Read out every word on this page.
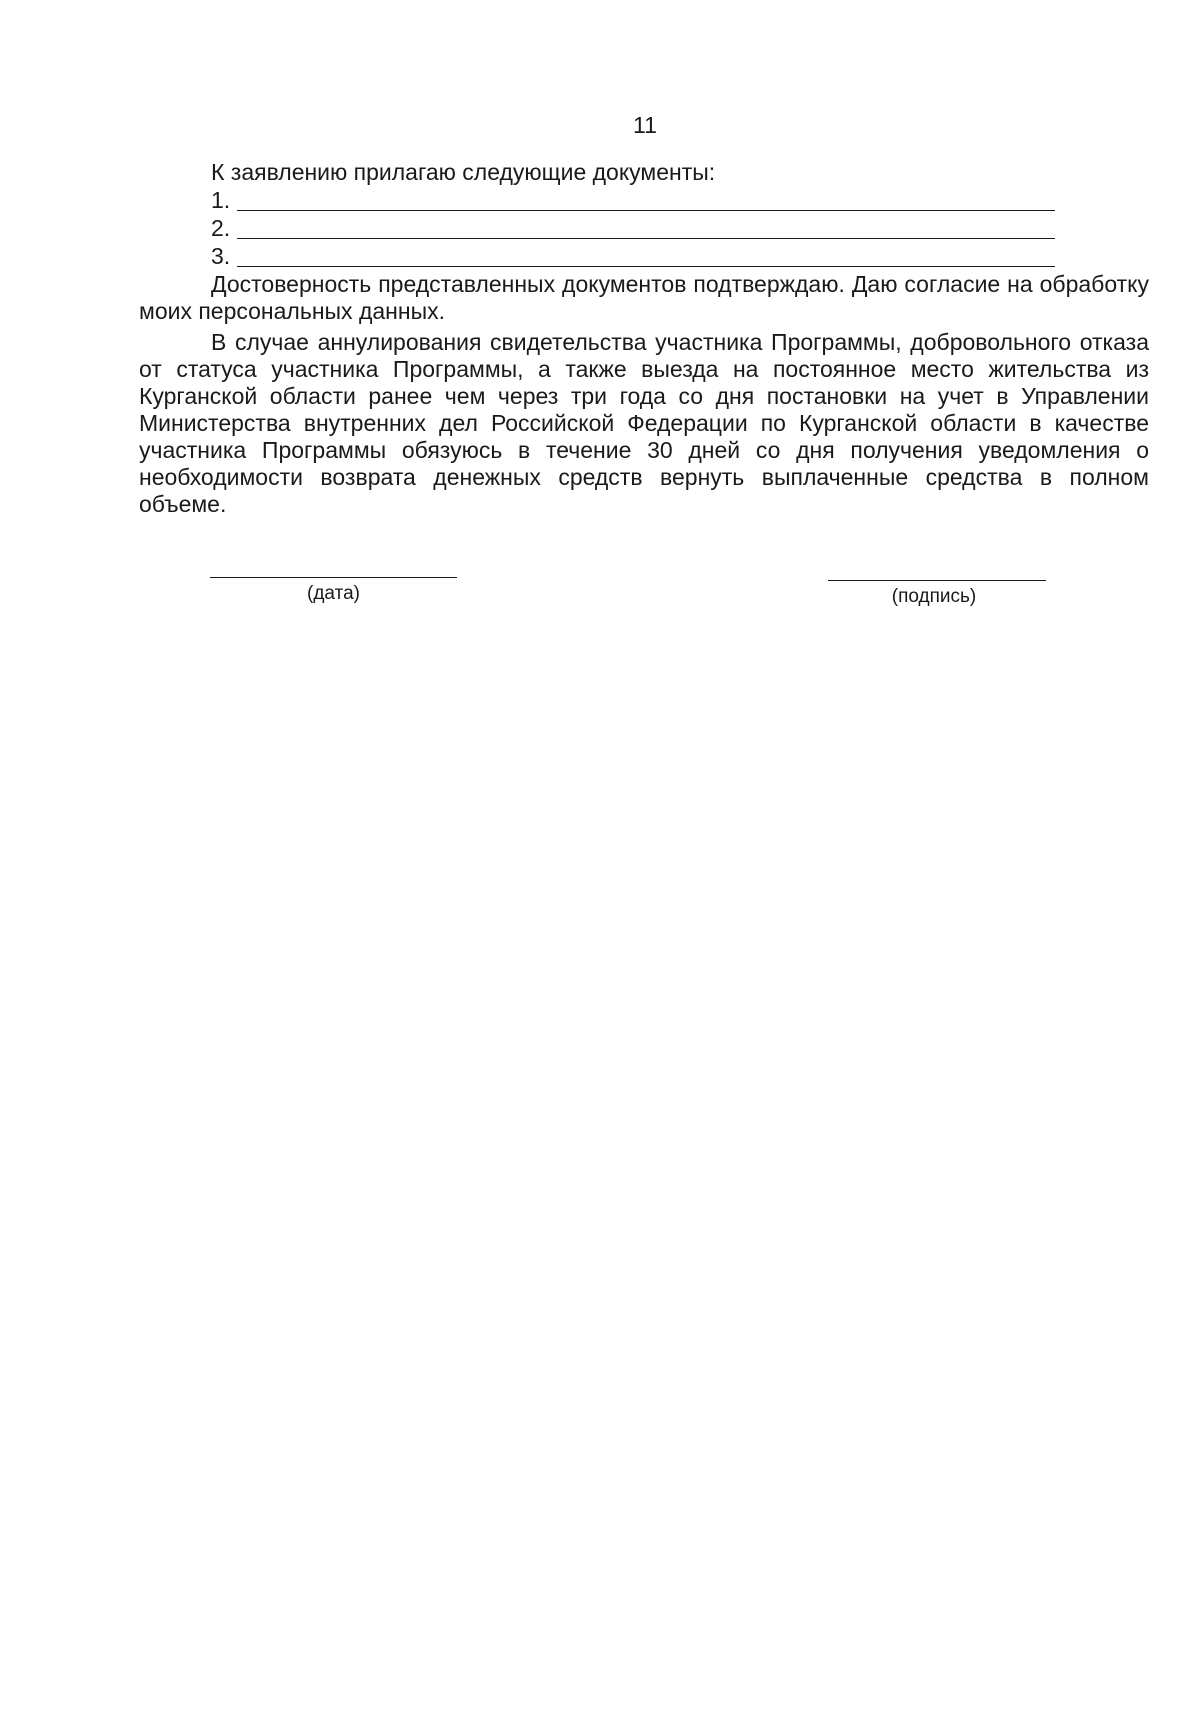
11
К заявлению прилагаю следующие документы:
1.
2.
3.

Достоверность представленных документов подтверждаю. Даю согласие на обработку моих персональных данных.

В случае аннулирования свидетельства участника Программы, добровольного отказа от статуса участника Программы, а также выезда на постоянное место жительства из Курганской области ранее чем через три года со дня постановки на учет в Управлении Министерства внутренних дел Российской Федерации по Курганской области в качестве участника Программы обязуюсь в течение 30 дней со дня получения уведомления о необходимости возврата денежных средств вернуть выплаченные средства в полном объеме.

(дата)	(подпись)
